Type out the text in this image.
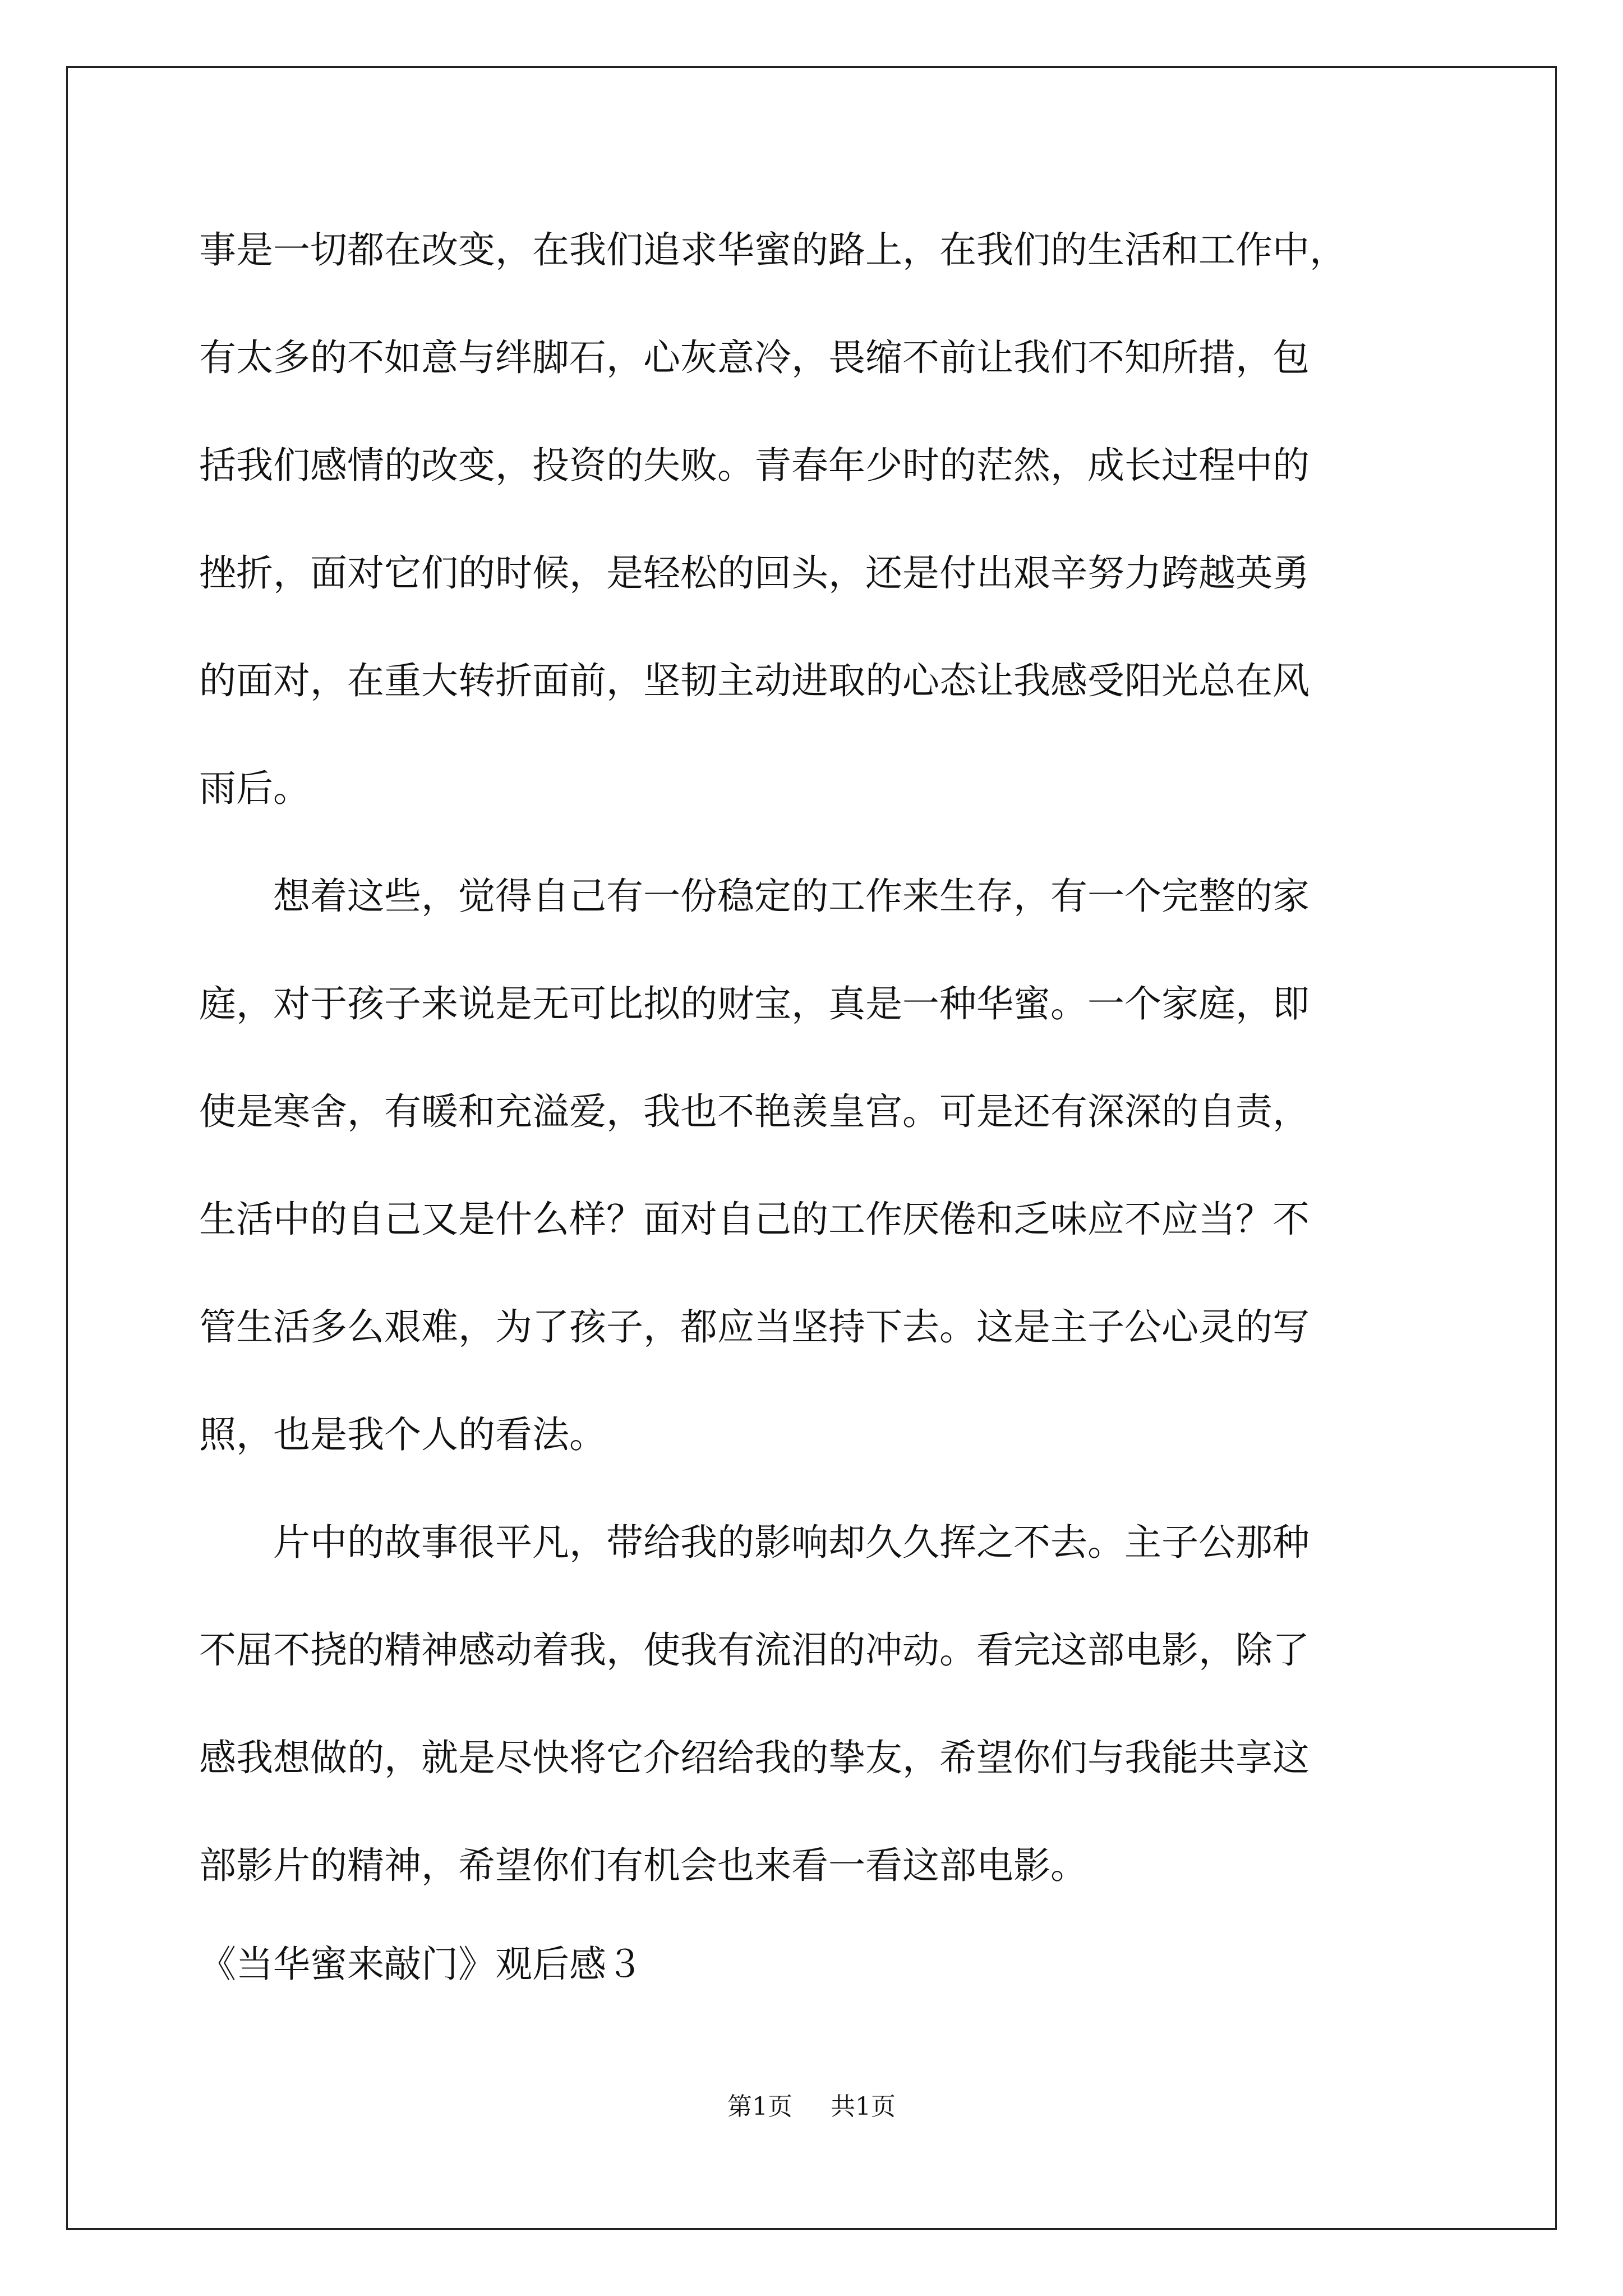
事是一切都在改变，在我们追求华蜜的路上，在我们的生活和工作中，
有太多的不如意与绊脚石，心灰意冷，畏缩不前让我们不知所措，包
括我们感情的改变，投资的失败。青春年少时的茫然，成长过程中的
挫折，面对它们的时候，是轻松的回头，还是付出艰辛努力跨越英勇
的面对，在重大转折面前，坚韧主动进取的心态让我感受阳光总在风
雨后。
　　想着这些，觉得自己有一份稳定的工作来生存，有一个完整的家
庭，对于孩子来说是无可比拟的财宝，真是一种华蜜。一个家庭，即
使是寒舍，有暖和充溢爱，我也不艳羡皇宫。可是还有深深的自责，
生活中的自己又是什么样？面对自己的工作厌倦和乏味应不应当？不
管生活多么艰难，为了孩子，都应当坚持下去。这是主子公心灵的写
照，也是我个人的看法。
　　片中的故事很平凡，带给我的影响却久久挥之不去。主子公那种
不屈不挠的精神感动着我，使我有流泪的冲动。看完这部电影，除了
感我想做的，就是尽快将它介绍给我的挚友，希望你们与我能共享这
部影片的精神，希望你们有机会也来看一看这部电影。
《当华蜜来敲门》观后感３
第1页 共1页
